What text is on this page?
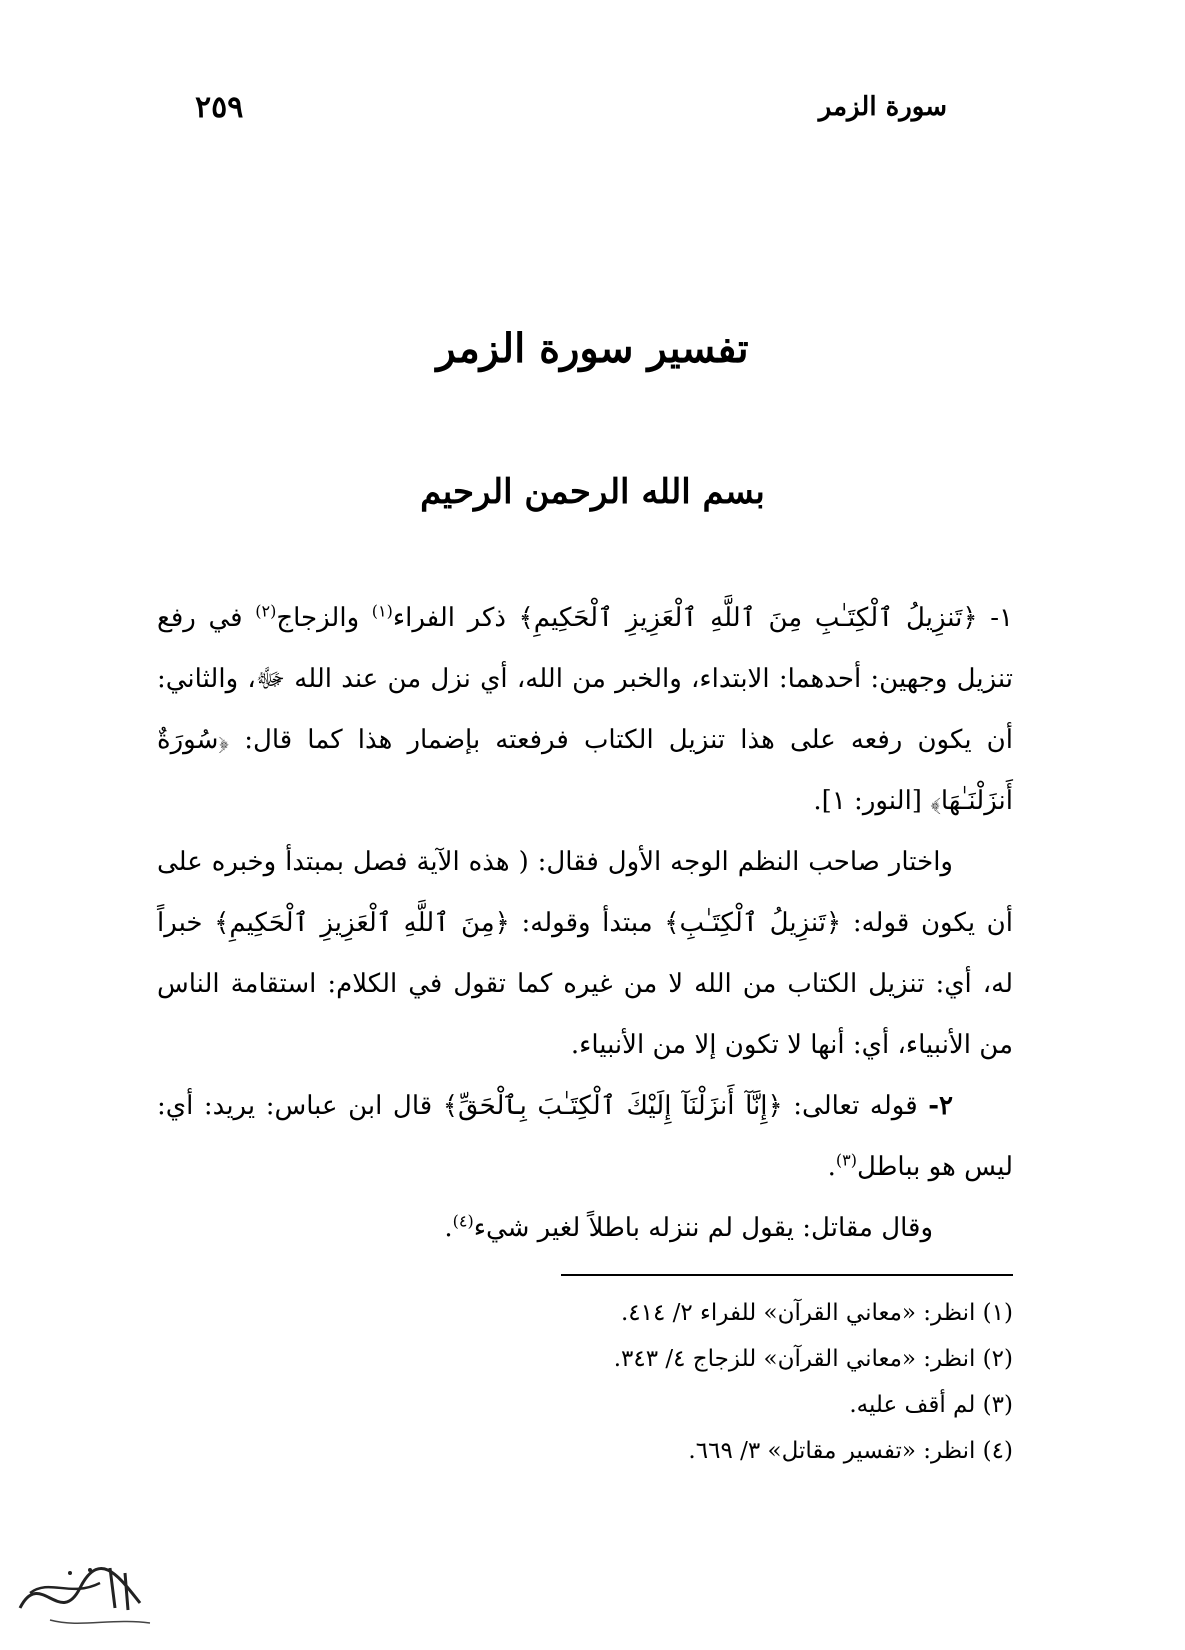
سورة الزمر
٢٥٩
تفسير سورة الزمر
بسم الله الرحمن الرحيم

١- ﴿تَنزِيلُ ٱلْكِتَـٰبِ مِنَ ٱللَّهِ ٱلْعَزِيزِ ٱلْحَكِيمِ﴾ ذكر الفراء$^{(١)}$ والزجاج$^{(٢)}$ في رفع تنزيل وجهين: أحدهما: الابتداء، والخبر من الله، أي نزل من عند الله ﷻ، والثاني: أن يكون رفعه على هذا تنزيل الكتاب فرفعته بإضمار هذا كما قال: ﴿سُورَةٌ أَنزَلْنَـٰهَا﴾ [النور: ١].

واختار صاحب النظم الوجه الأول فقال: ( هذه الآية فصل بمبتدأ وخبره على أن يكون قوله: ﴿تَنزِيلُ ٱلْكِتَـٰبِ﴾ مبتدأ وقوله: ﴿مِنَ ٱللَّهِ ٱلْعَزِيزِ ٱلْحَكِيمِ﴾ خبراً له، أي: تنزيل الكتاب من الله لا من غيره كما تقول في الكلام: استقامة الناس من الأنبياء، أي: أنها لا تكون إلا من الأنبياء.

٢- قوله تعالى: ﴿إِنَّآ أَنزَلْنَآ إِلَيْكَ ٱلْكِتَـٰبَ بِٱلْحَقِّ﴾ قال ابن عباس: يريد: أي: ليس هو بباطل$^{(٣)}$.

وقال مقاتل: يقول لم ننزله باطلاً لغير شيء$^{(٤)}$.

(١) انظر: «معاني القرآن» للفراء ٢/ ٤١٤.
(٢) انظر: «معاني القرآن» للزجاج ٤/ ٣٤٣.
(٣) لم أقف عليه.
(٤) انظر: «تفسير مقاتل» ٣/ ٦٦٩.
